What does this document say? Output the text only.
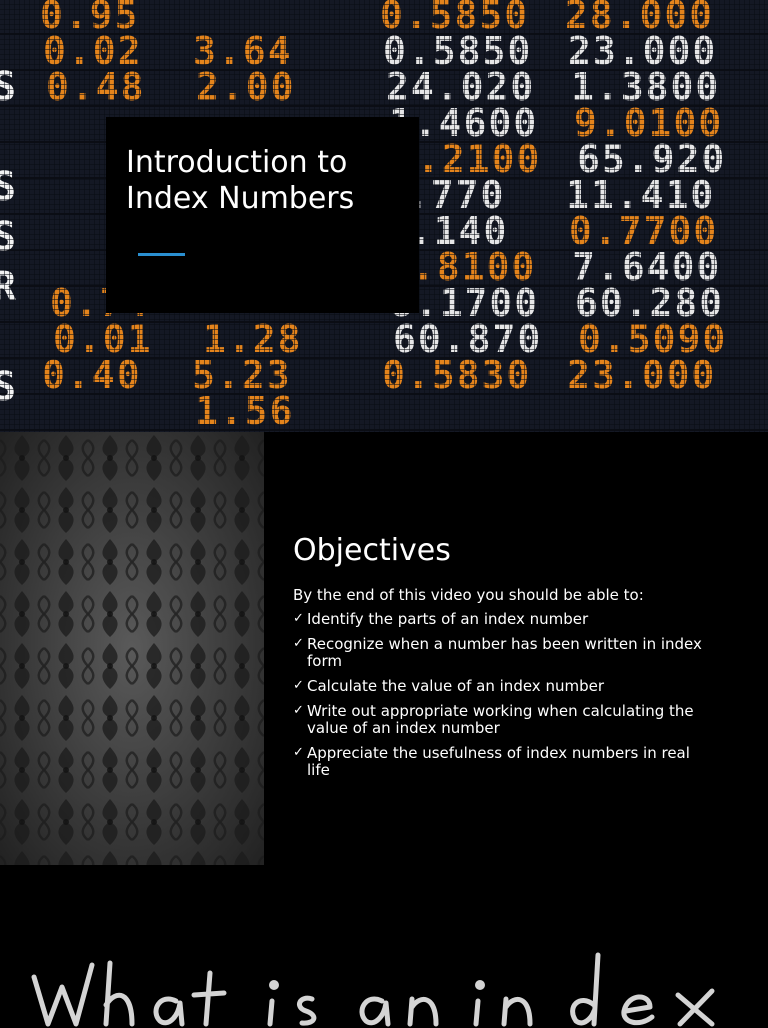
Introduction to
Index Numbers
Objectives

By the end of this video you should be able to:

✓ Identify the parts of an index number
✓ Recognize when a number has been written in index form
✓ Calculate the value of an index number
✓ Write out appropriate working when calculating the value of an index number
✓ Appreciate the usefulness of index numbers in real life
